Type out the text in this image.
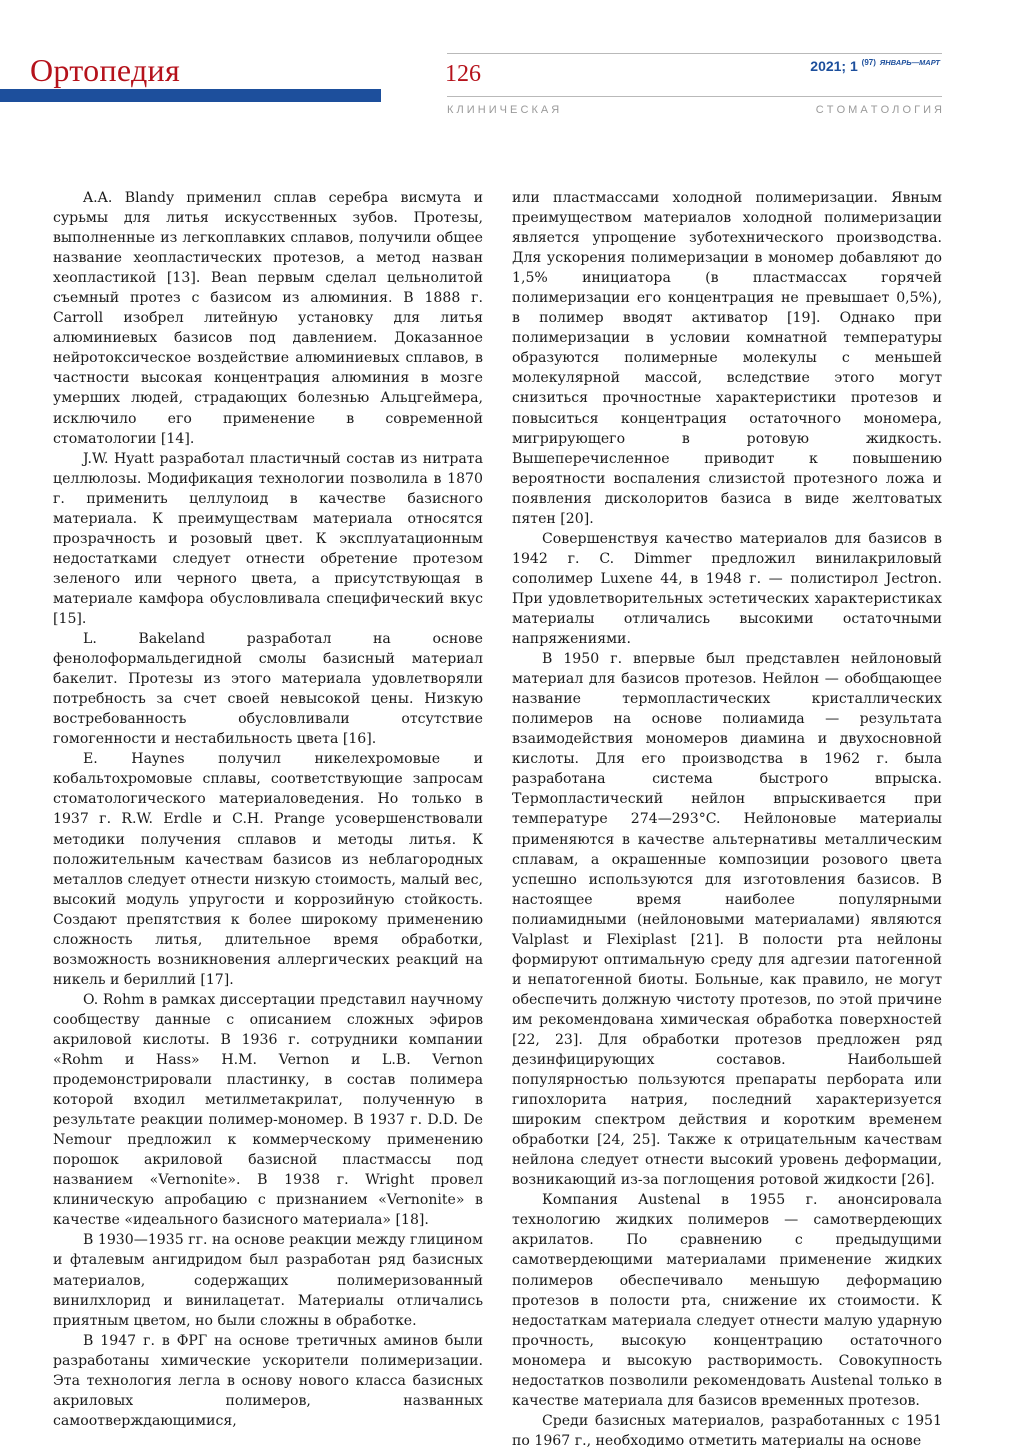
Ортопедия	126	2021; 1 $^{(97)}$ $^{ЯНВАРЬ—МАРТ}$
К Л И Н И Ч Е С К А Я	С Т О М А Т О Л О Г И Я

A.A. Blandy применил сплав серебра висмута и сурьмы для литья искусственных зубов. Протезы, выполненные из легкоплавких сплавов, получили общее название хеопластических протезов, а метод назван хеопластикой [13]. Bean первым сделал цельнолитой съемный протез с базисом из алюминия. В 1888 г. Carroll изобрел литейную установку для литья алюминиевых базисов под давлением. Доказанное нейротоксическое воздействие алюминиевых сплавов, в частности высокая концентрация алюминия в мозге умерших людей, страдающих болезнью Альцгеймера, исключило его применение в современной стоматологии [14].

J.W. Hyatt разработал пластичный состав из нитрата целлюлозы. Модификация технологии позволила в 1870 г. применить целлулоид в качестве базисного материала. К преимуществам материала относятся прозрачность и розовый цвет. К эксплуатационным недостатками следует отнести обретение протезом зеленого или черного цвета, а присутствующая в материале камфора обусловливала специфический вкус [15].

L. Bakeland разработал на основе фенолоформальдегидной смолы базисный материал бакелит. Протезы из этого материала удовлетворяли потребность за счет своей невысокой цены. Низкую востребованность обусловливали отсутствие гомогенности и нестабильность цвета [16].

E. Haynes получил никелехромовые и кобальтохромовые сплавы, соответствующие запросам стоматологического материаловедения. Но только в 1937 г. R.W. Erdle и C.H. Prange усовершенствовали методики получения сплавов и методы литья. К положительным качествам базисов из неблагородных металлов следует отнести низкую стоимость, малый вес, высокий модуль упругости и коррозийную стойкость. Создают препятствия к более широкому применению сложность литья, длительное время обработки, возможность возникновения аллергических реакций на никель и бериллий [17].

O. Rohm в рамках диссертации представил научному сообществу данные с описанием сложных эфиров акриловой кислоты. В 1936 г. сотрудники компании «Rohm и Hass» H.M. Vernon и L.B. Vernon продемонстрировали пластинку, в состав полимера которой входил метилметакрилат, полученную в результате реакции полимер-мономер. В 1937 г. D.D. De Nemour предложил к коммерческому применению порошок акриловой базисной пластмассы под названием «Vernonite». В 1938 г. Wright провел клиническую апробацию с признанием «Vernonite» в качестве «идеального базисного материала» [18].

В 1930—1935 гг. на основе реакции между глицином и фталевым ангидридом был разработан ряд базисных материалов, содержащих полимеризованный винилхлорид и винилацетат. Материалы отличались приятным цветом, но были сложны в обработке.

В 1947 г. в ФРГ на основе третичных аминов были разработаны химические ускорители полимеризации. Эта технология легла в основу нового класса базисных акриловых полимеров, названных самоотверждающимися,

или пластмассами холодной полимеризации. Явным преимуществом материалов холодной полимеризации является упрощение зуботехнического производства. Для ускорения полимеризации в мономер добавляют до 1,5% инициатора (в пластмассах горячей полимеризации его концентрация не превышает 0,5%), в полимер вводят активатор [19]. Однако при полимеризации в условии комнатной температуры образуются полимерные молекулы с меньшей молекулярной массой, вследствие этого могут снизиться прочностные характеристики протезов и повыситься концентрация остаточного мономера, мигрирующего в ротовую жидкость. Вышеперечисленное приводит к повышению вероятности воспаления слизистой протезного ложа и появления дисколоритов базиса в виде желтоватых пятен [20].

Совершенствуя качество материалов для базисов в 1942 г. C. Dimmer предложил винилакриловый сополимер Luxene 44, в 1948 г. — полистирол Jectron. При удовлетворительных эстетических характеристиках материалы отличались высокими остаточными напряжениями.

В 1950 г. впервые был представлен нейлоновый материал для базисов протезов. Нейлон — обобщающее название термопластических кристаллических полимеров на основе полиамида — результата взаимодействия мономеров диамина и двухосновной кислоты. Для его производства в 1962 г. была разработана система быстрого впрыска. Термопластический нейлон впрыскивается при температуре 274—293°C. Нейлоновые материалы применяются в качестве альтернативы металлическим сплавам, а окрашенные композиции розового цвета успешно используются для изготовления базисов. В настоящее время наиболее популярными полиамидными (нейлоновыми материалами) являются Valplast и Flexiplast [21]. В полости рта нейлоны формируют оптимальную среду для адгезии патогенной и непатогенной биоты. Больные, как правило, не могут обеспечить должную чистоту протезов, по этой причине им рекомендована химическая обработка поверхностей [22, 23]. Для обработки протезов предложен ряд дезинфицирующих составов. Наибольшей популярностью пользуются препараты пербората или гипохлорита натрия, последний характеризуется широким спектром действия и коротким временем обработки [24, 25]. Также к отрицательным качествам нейлона следует отнести высокий уровень деформации, возникающий из-за поглощения ротовой жидкости [26].

Компания Austenal в 1955 г. анонсировала технологию жидких полимеров — самотвердеющих акрилатов. По сравнению с предыдущими самотвердеющими материалами применение жидких полимеров обеспечивало меньшую деформацию протезов в полости рта, снижение их стоимости. К недостаткам материала следует отнести малую ударную прочность, высокую концентрацию остаточного мономера и высокую растворимость. Совокупность недостатков позволили рекомендовать Austenal только в качестве материала для базисов временных протезов.

Среди базисных материалов, разработанных с 1951 по 1967 г., необходимо отметить материалы на основе
